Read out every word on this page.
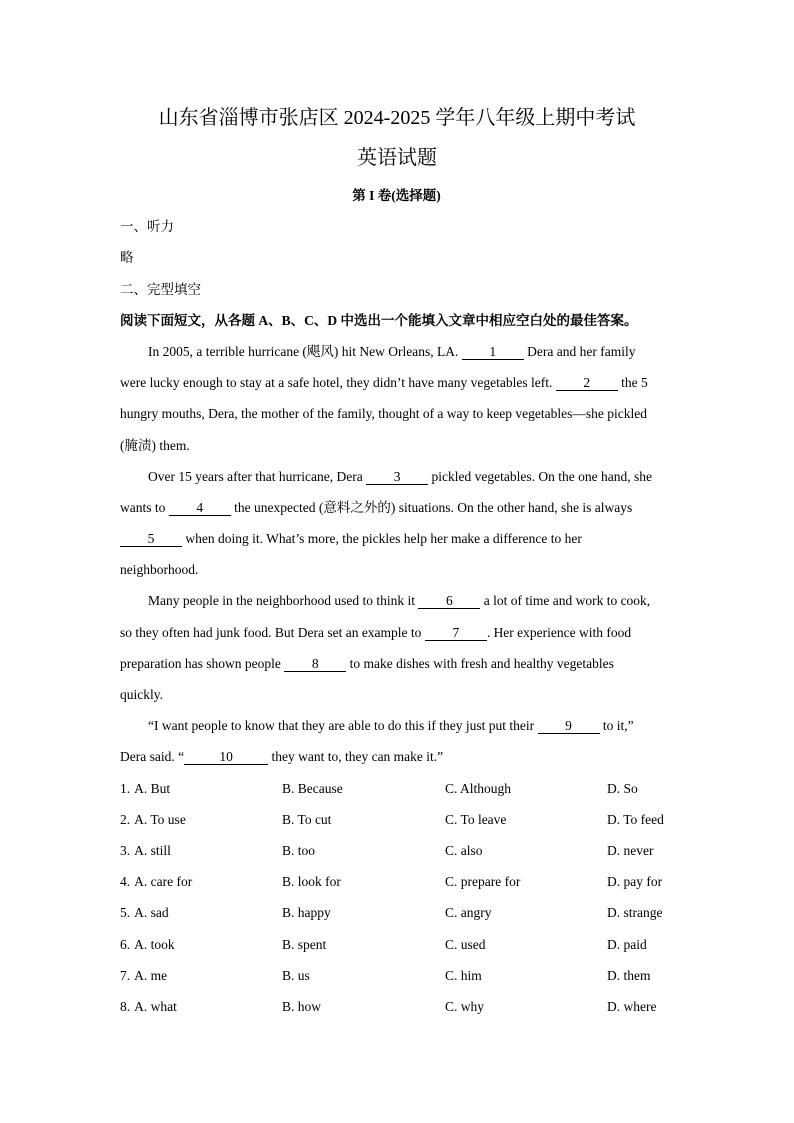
山东省淄博市张店区 2024-2025 学年八年级上期中考试
英语试题
第 I 卷(选择题)
一、听力
略
二、完型填空
阅读下面短文，从各题 A、B、C、D 中选出一个能填入文章中相应空白处的最佳答案。
In 2005, a terrible hurricane (飓风) hit New Orleans, LA. 1 Dera and her family
were lucky enough to stay at a safe hotel, they didn’t have many vegetables left. 2 the 5
hungry mouths, Dera, the mother of the family, thought of a way to keep vegetables—she pickled
(腌渍) them.
Over 15 years after that hurricane, Dera 3 pickled vegetables. On the one hand, she
wants to 4 the unexpected (意料之外的) situations. On the other hand, she is always
5 when doing it. What’s more, the pickles help her make a difference to her
neighborhood.
Many people in the neighborhood used to think it 6 a lot of time and work to cook,
so they often had junk food. But Dera set an example to 7 . Her experience with food
preparation has shown people 8 to make dishes with fresh and healthy vegetables
quickly.
“I want people to know that they are able to do this if they just put their 9 to it,”
Dera said. “	10	they want to, they can make it.”
1. A. But	B. Because	C. Although	D. So
2. A. To use	B. To cut	C. To leave	D. To feed
3. A. still	B. too	C. also	D. never
4. A. care for	B. look for	C. prepare for	D. pay for
5. A. sad	B. happy	C. angry	D. strange
6. A. took	B. spent	C. used	D. paid
7. A. me	B. us	C. him	D. them
8. A. what	B. how	C. why	D. where
